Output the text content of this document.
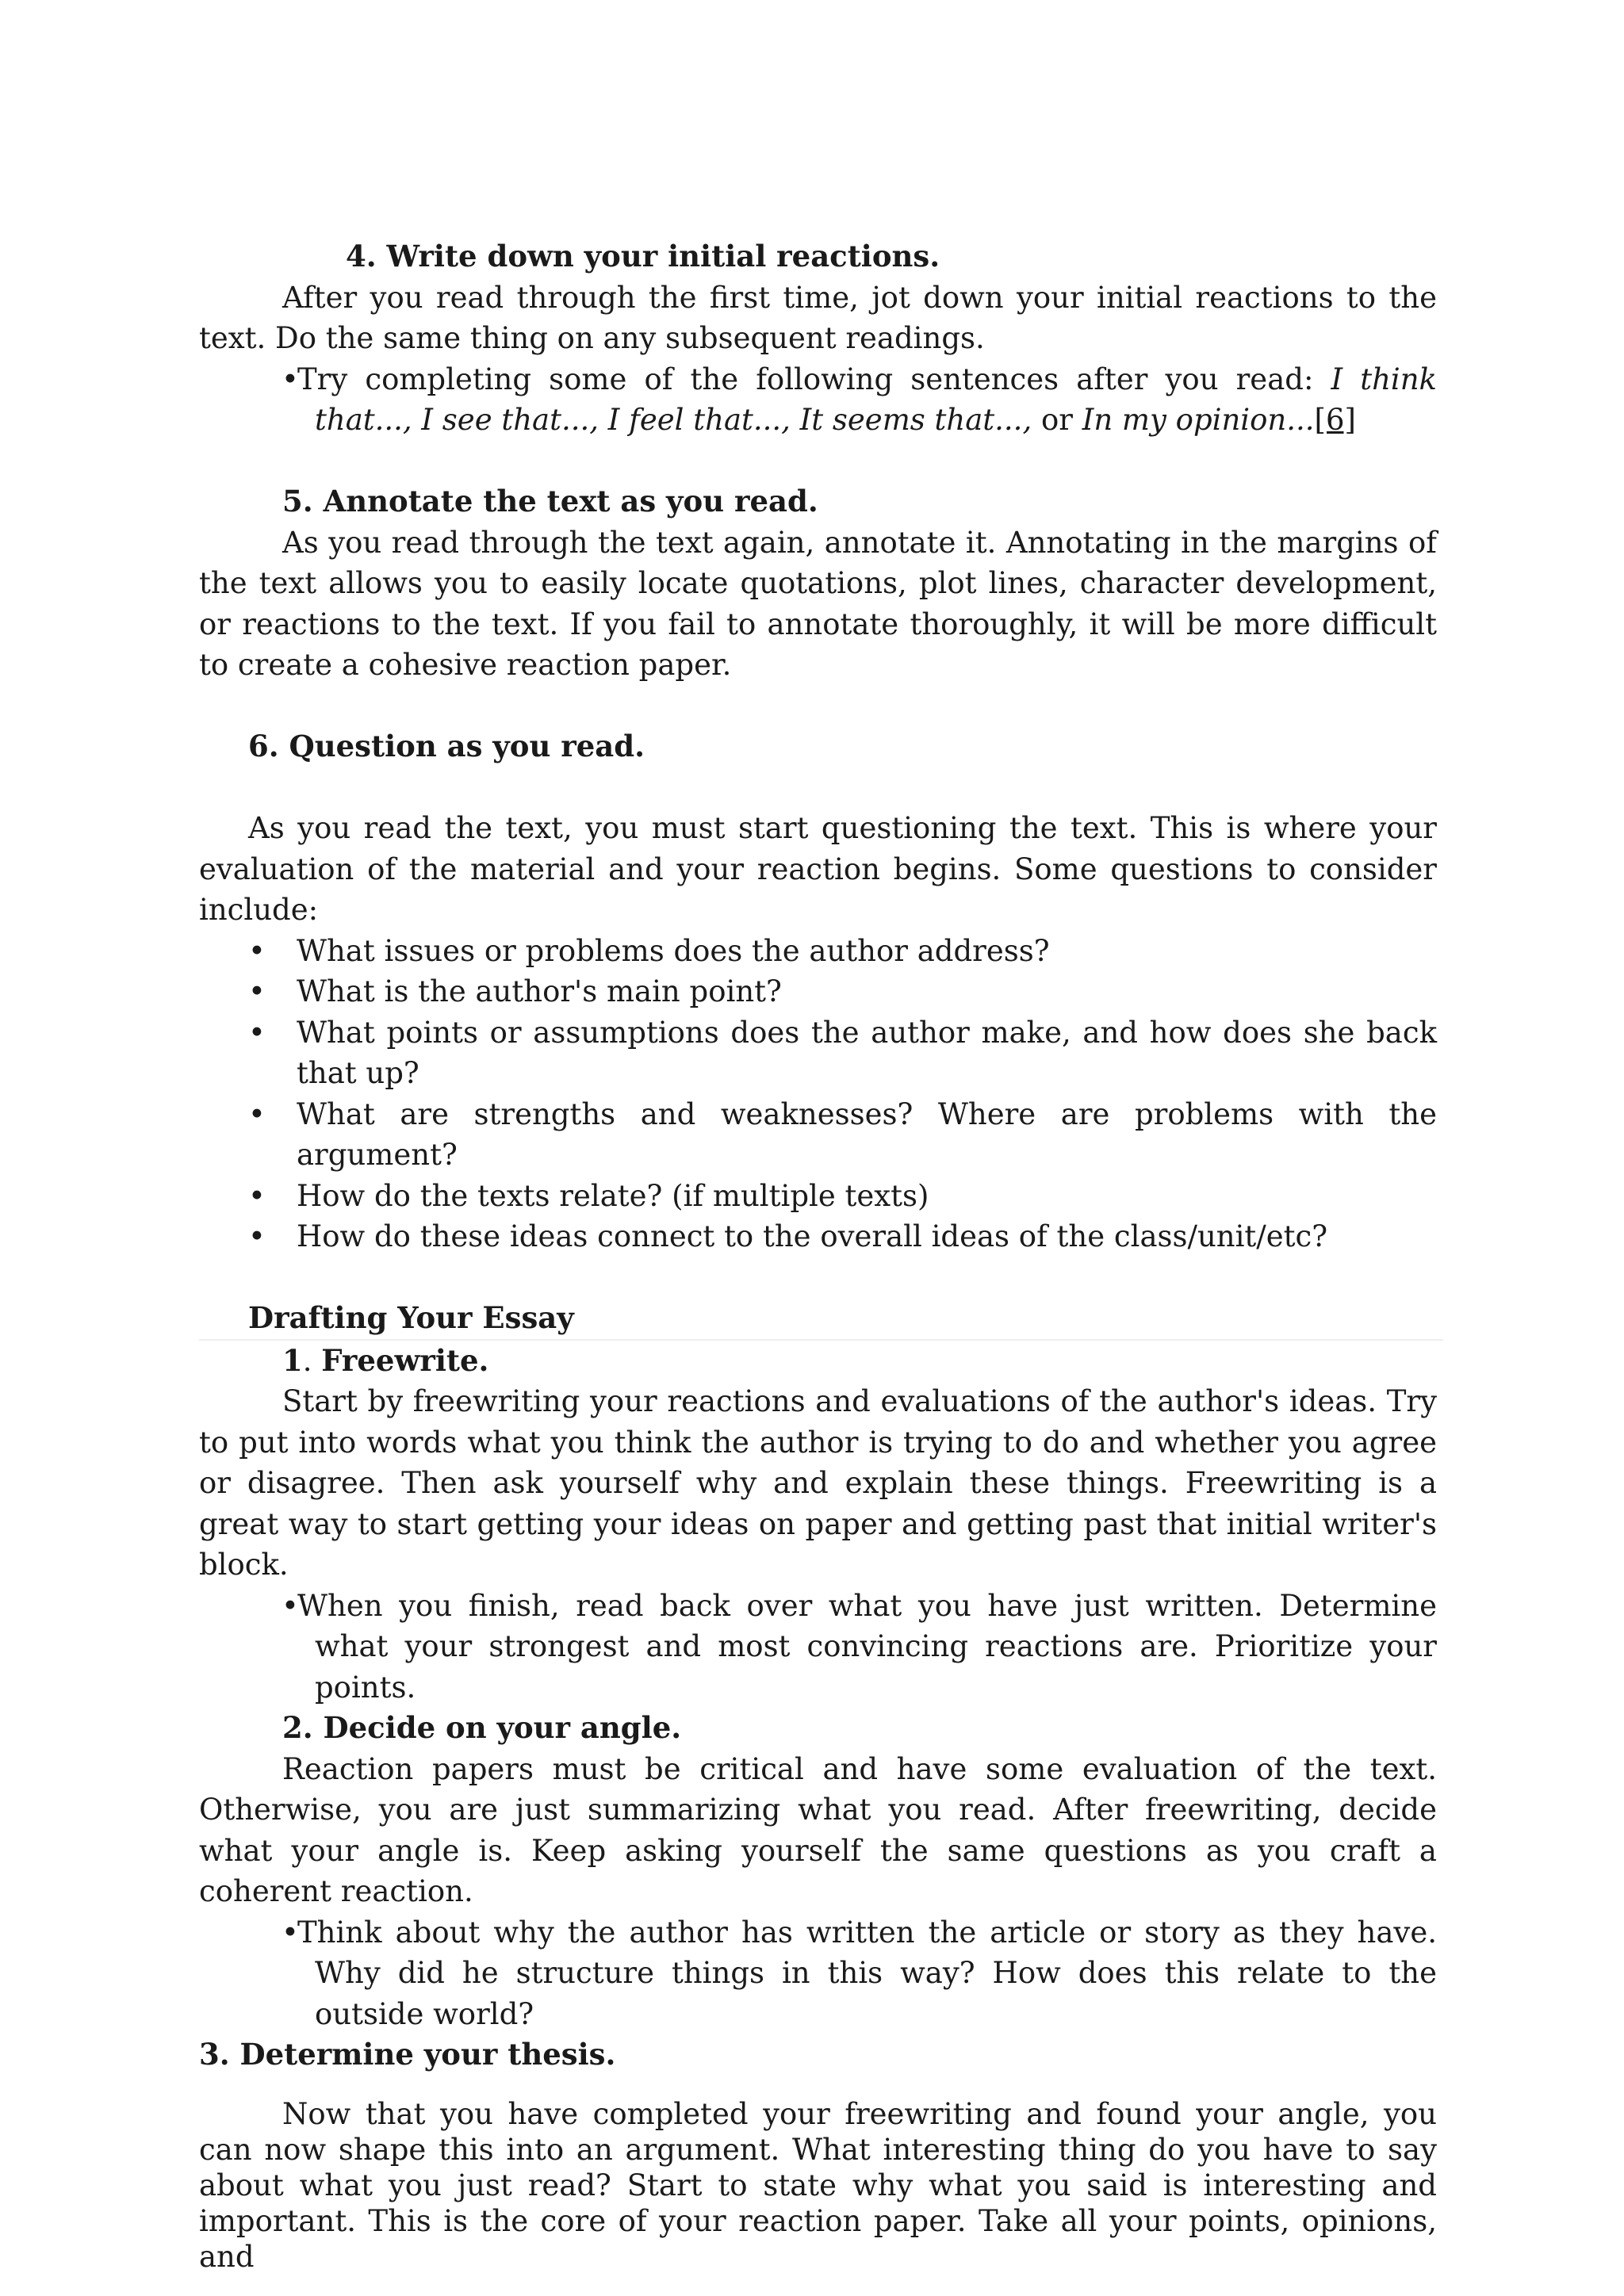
4. Write down your initial reactions.

After you read through the first time, jot down your initial reactions to the text. Do the same thing on any subsequent readings.

•Try completing some of the following sentences after you read: I think that..., I see that..., I feel that..., It seems that..., or In my opinion...[6]

5. Annotate the text as you read.

As you read through the text again, annotate it. Annotating in the margins of the text allows you to easily locate quotations, plot lines, character development, or reactions to the text. If you fail to annotate thoroughly, it will be more difficult to create a cohesive reaction paper.

6. Question as you read.

As you read the text, you must start questioning the text. This is where your evaluation of the material and your reaction begins. Some questions to consider include:

• What issues or problems does the author address?
• What is the author's main point?
• What points or assumptions does the author make, and how does she back that up?
• What are strengths and weaknesses? Where are problems with the argument?
• How do the texts relate? (if multiple texts)
• How do these ideas connect to the overall ideas of the class/unit/etc?

Drafting Your Essay

1. Freewrite.

Start by freewriting your reactions and evaluations of the author's ideas. Try to put into words what you think the author is trying to do and whether you agree or disagree. Then ask yourself why and explain these things. Freewriting is a great way to start getting your ideas on paper and getting past that initial writer's block.

•When you finish, read back over what you have just written. Determine what your strongest and most convincing reactions are. Prioritize your points.

2. Decide on your angle.

Reaction papers must be critical and have some evaluation of the text. Otherwise, you are just summarizing what you read. After freewriting, decide what your angle is. Keep asking yourself the same questions as you craft a coherent reaction.

•Think about why the author has written the article or story as they have. Why did he structure things in this way? How does this relate to the outside world?

3. Determine your thesis.

Now that you have completed your freewriting and found your angle, you can now shape this into an argument. What interesting thing do you have to say about what you just read? Start to state why what you said is interesting and important. This is the core of your reaction paper. Take all your points, opinions, and
